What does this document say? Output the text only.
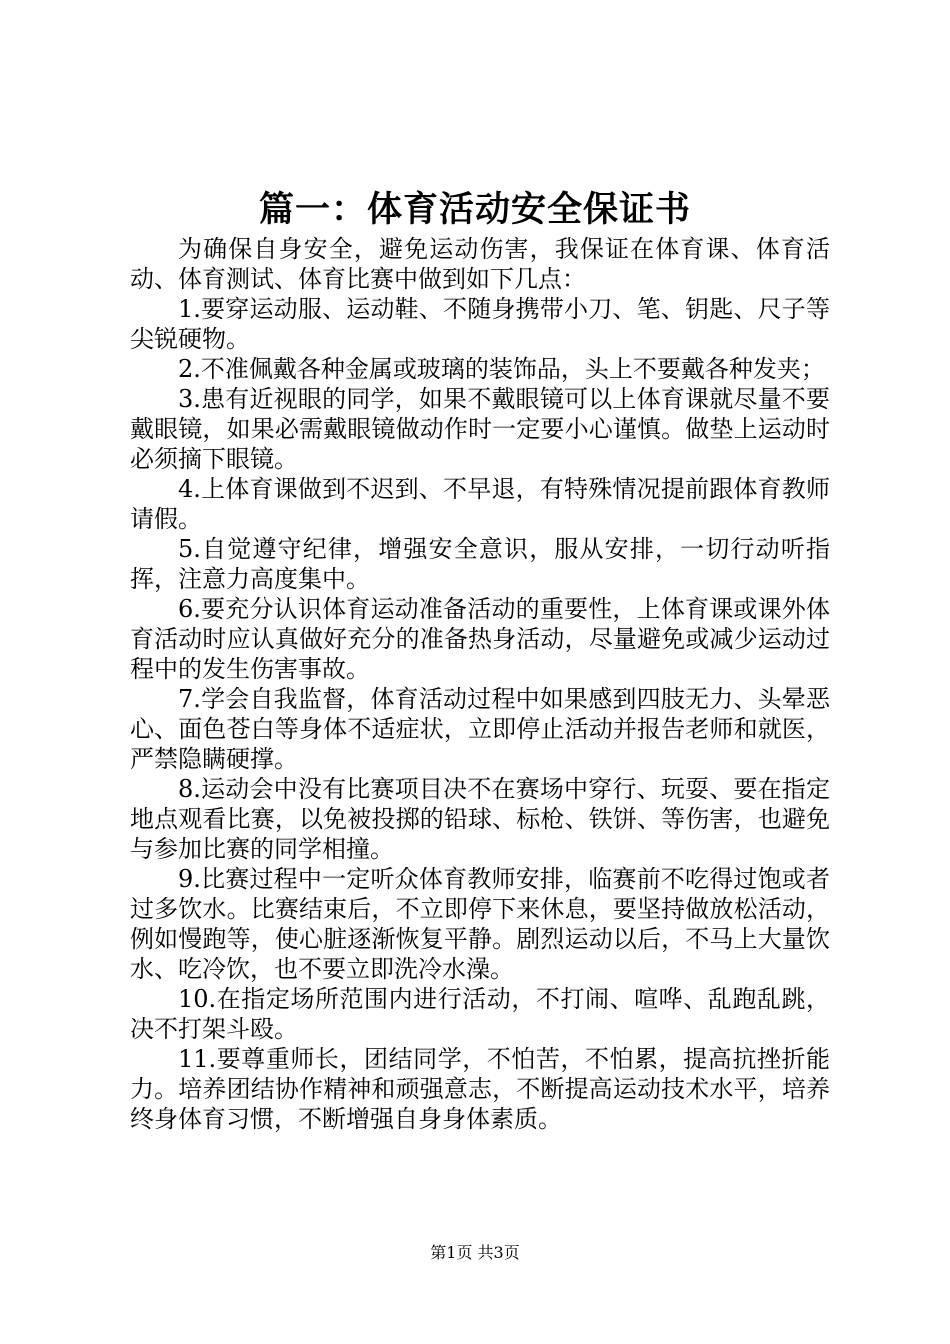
篇一：体育活动安全保证书

为确保自身安全，避免运动伤害，我保证在体育课、体育活动、体育测试、体育比赛中做到如下几点：

1.要穿运动服、运动鞋、不随身携带小刀、笔、钥匙、尺子等尖锐硬物。

2.不准佩戴各种金属或玻璃的装饰品，头上不要戴各种发夹；

3.患有近视眼的同学，如果不戴眼镜可以上体育课就尽量不要戴眼镜，如果必需戴眼镜做动作时一定要小心谨慎。做垫上运动时必须摘下眼镜。

4.上体育课做到不迟到、不早退，有特殊情况提前跟体育教师请假。

5.自觉遵守纪律，增强安全意识，服从安排，一切行动听指挥，注意力高度集中。

6.要充分认识体育运动准备活动的重要性，上体育课或课外体育活动时应认真做好充分的准备热身活动，尽量避免或减少运动过程中的发生伤害事故。

7.学会自我监督，体育活动过程中如果感到四肢无力、头晕恶心、面色苍白等身体不适症状，立即停止活动并报告老师和就医，严禁隐瞒硬撑。

8.运动会中没有比赛项目决不在赛场中穿行、玩耍、要在指定地点观看比赛，以免被投掷的铅球、标枪、铁饼、等伤害，也避免与参加比赛的同学相撞。

9.比赛过程中一定听众体育教师安排，临赛前不吃得过饱或者过多饮水。比赛结束后，不立即停下来休息，要坚持做放松活动，例如慢跑等，使心脏逐渐恢复平静。剧烈运动以后，不马上大量饮水、吃冷饮，也不要立即洗冷水澡。

10.在指定场所范围内进行活动，不打闹、喧哗、乱跑乱跳，决不打架斗殴。

11.要尊重师长，团结同学，不怕苦，不怕累，提高抗挫折能力。培养团结协作精神和顽强意志，不断提高运动技术水平，培养终身体育习惯，不断增强自身身体素质。

第1页 共3页
